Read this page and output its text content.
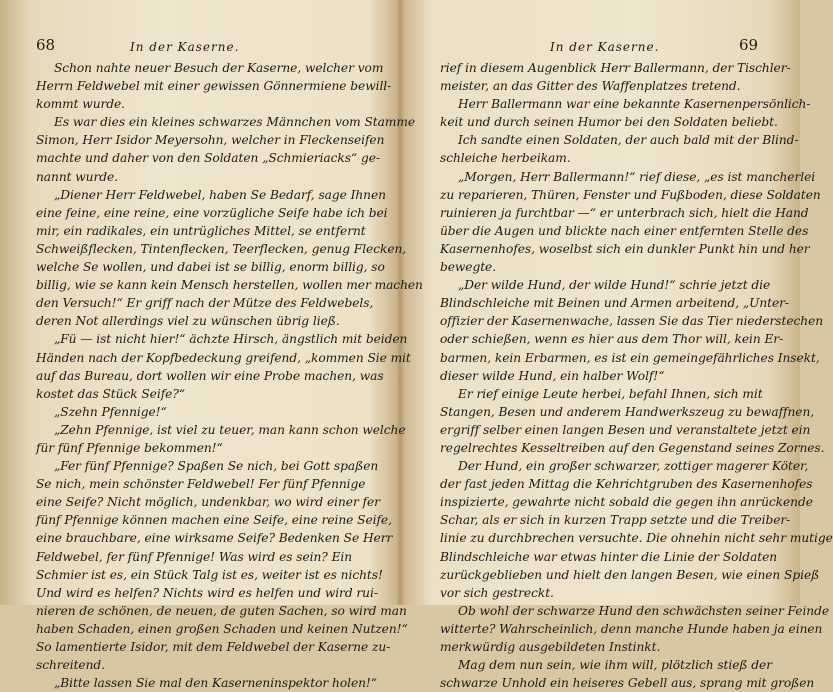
68	In der Kaserne.
Schon nahte neuer Besuch der Kaserne, welcher vom
Herrn Feldwebel mit einer gewissen Gönnermiene bewill-
kommt wurde.
Es war dies ein kleines schwarzes Männchen vom Stamme
Simon, Herr Isidor Meyersohn, welcher in Fleckenseifen
machte und daher von den Soldaten „Schmieriacks“ ge-
nannt wurde.
„Diener Herr Feldwebel, haben Se Bedarf, sage Ihnen
eine feine, eine reine, eine vorzügliche Seife habe ich bei
mir, ein radikales, ein untrügliches Mittel, se entfernt
Schweißflecken, Tintenflecken, Teerflecken, genug Flecken,
welche Se wollen, und dabei ist se billig, enorm billig, so
billig, wie se kann kein Mensch herstellen, wollen mer machen
den Versuch!“ Er griff nach der Mütze des Feldwebels,
deren Not allerdings viel zu wünschen übrig ließ.
„Fü — ist nicht hier!“ ächzte Hirsch, ängstlich mit beiden
Händen nach der Kopfbedeckung greifend, „kommen Sie mit
auf das Bureau, dort wollen wir eine Probe machen, was
kostet das Stück Seife?“
„Szehn Pfennige!“
„Zehn Pfennige, ist viel zu teuer, man kann schon welche
für fünf Pfennige bekommen!“
„Fer fünf Pfennige? Spaßen Se nich, bei Gott spaßen
Se nich, mein schönster Feldwebel! Fer fünf Pfennige
eine Seife? Nicht möglich, undenkbar, wo wird einer fer
fünf Pfennige können machen eine Seife, eine reine Seife,
eine brauchbare, eine wirksame Seife? Bedenken Se Herr
Feldwebel, fer fünf Pfennige! Was wird es sein? Ein
Schmier ist es, ein Stück Talg ist es, weiter ist es nichts!
Und wird es helfen? Nichts wird es helfen und wird rui-
nieren de schönen, de neuen, de guten Sachen, so wird man
haben Schaden, einen großen Schaden und keinen Nutzen!“
So lamentierte Isidor, mit dem Feldwebel der Kaserne zu-
schreitend.
„Bitte lassen Sie mal den Kaserneninspektor holen!“
In der Kaserne.	69
rief in diesem Augenblick Herr Ballermann, der Tischler-
meister, an das Gitter des Waffenplatzes tretend.
Herr Ballermann war eine bekannte Kasernenpersönlich-
keit und durch seinen Humor bei den Soldaten beliebt.
Ich sandte einen Soldaten, der auch bald mit der Blind-
schleiche herbeikam.
„Morgen, Herr Ballermann!“ rief diese, „es ist mancherlei
zu reparieren, Thüren, Fenster und Fußboden, diese Soldaten
ruinieren ja furchtbar —“ er unterbrach sich, hielt die Hand
über die Augen und blickte nach einer entfernten Stelle des
Kasernenhofes, woselbst sich ein dunkler Punkt hin und her
bewegte.
„Der wilde Hund, der wilde Hund!“ schrie jetzt die
Blindschleiche mit Beinen und Armen arbeitend, „Unter-
offizier der Kasernenwache, lassen Sie das Tier niederstechen
oder schießen, wenn es hier aus dem Thor will, kein Er-
barmen, kein Erbarmen, es ist ein gemeingefährliches Insekt,
dieser wilde Hund, ein halber Wolf!“
Er rief einige Leute herbei, befahl Ihnen, sich mit
Stangen, Besen und anderem Handwerkszeug zu bewaffnen,
ergriff selber einen langen Besen und veranstaltete jetzt ein
regelrechtes Kesseltreiben auf den Gegenstand seines Zornes.
Der Hund, ein großer schwarzer, zottiger magerer Köter,
der fast jeden Mittag die Kehrichtgruben des Kasernenhofes
inspizierte, gewahrte nicht sobald die gegen ihn anrückende
Schar, als er sich in kurzen Trapp setzte und die Treiber-
linie zu durchbrechen versuchte. Die ohnehin nicht sehr mutige
Blindschleiche war etwas hinter die Linie der Soldaten
zurückgeblieben und hielt den langen Besen, wie einen Spieß
vor sich gestreckt.
Ob wohl der schwarze Hund den schwächsten seiner Feinde
witterte? Wahrscheinlich, denn manche Hunde haben ja einen
merkwürdig ausgebildeten Instinkt.
Mag dem nun sein, wie ihm will, plötzlich stieß der
schwarze Unhold ein heiseres Gebell aus, sprang mit großen
